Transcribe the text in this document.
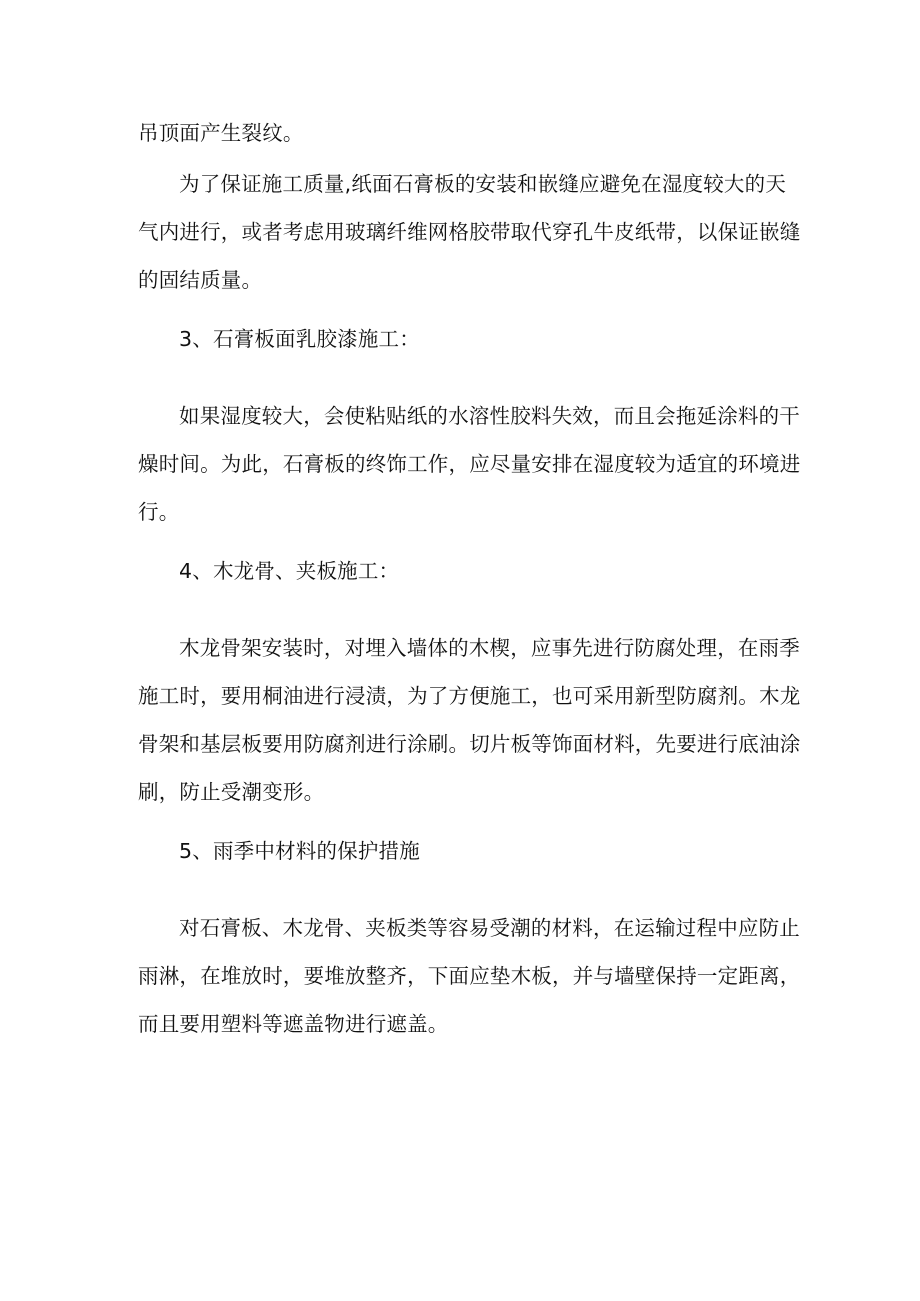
吊顶面产生裂纹。
为了保证施工质量,纸面石膏板的安装和嵌缝应避免在湿度较大的天
气内进行，或者考虑用玻璃纤维网格胶带取代穿孔牛皮纸带，以保证嵌缝
的固结质量。
3、石膏板面乳胶漆施工：
如果湿度较大，会使粘贴纸的水溶性胶料失效，而且会拖延涂料的干
燥时间。为此，石膏板的终饰工作，应尽量安排在湿度较为适宜的环境进
行。
4、木龙骨、夹板施工：
木龙骨架安装时，对埋入墙体的木楔，应事先进行防腐处理，在雨季
施工时，要用桐油进行浸渍，为了方便施工，也可采用新型防腐剂。木龙
骨架和基层板要用防腐剂进行涂刷。切片板等饰面材料，先要进行底油涂
刷，防止受潮变形。
5、雨季中材料的保护措施
对石膏板、木龙骨、夹板类等容易受潮的材料，在运输过程中应防止
雨淋，在堆放时，要堆放整齐，下面应垫木板，并与墙壁保持一定距离，
而且要用塑料等遮盖物进行遮盖。
